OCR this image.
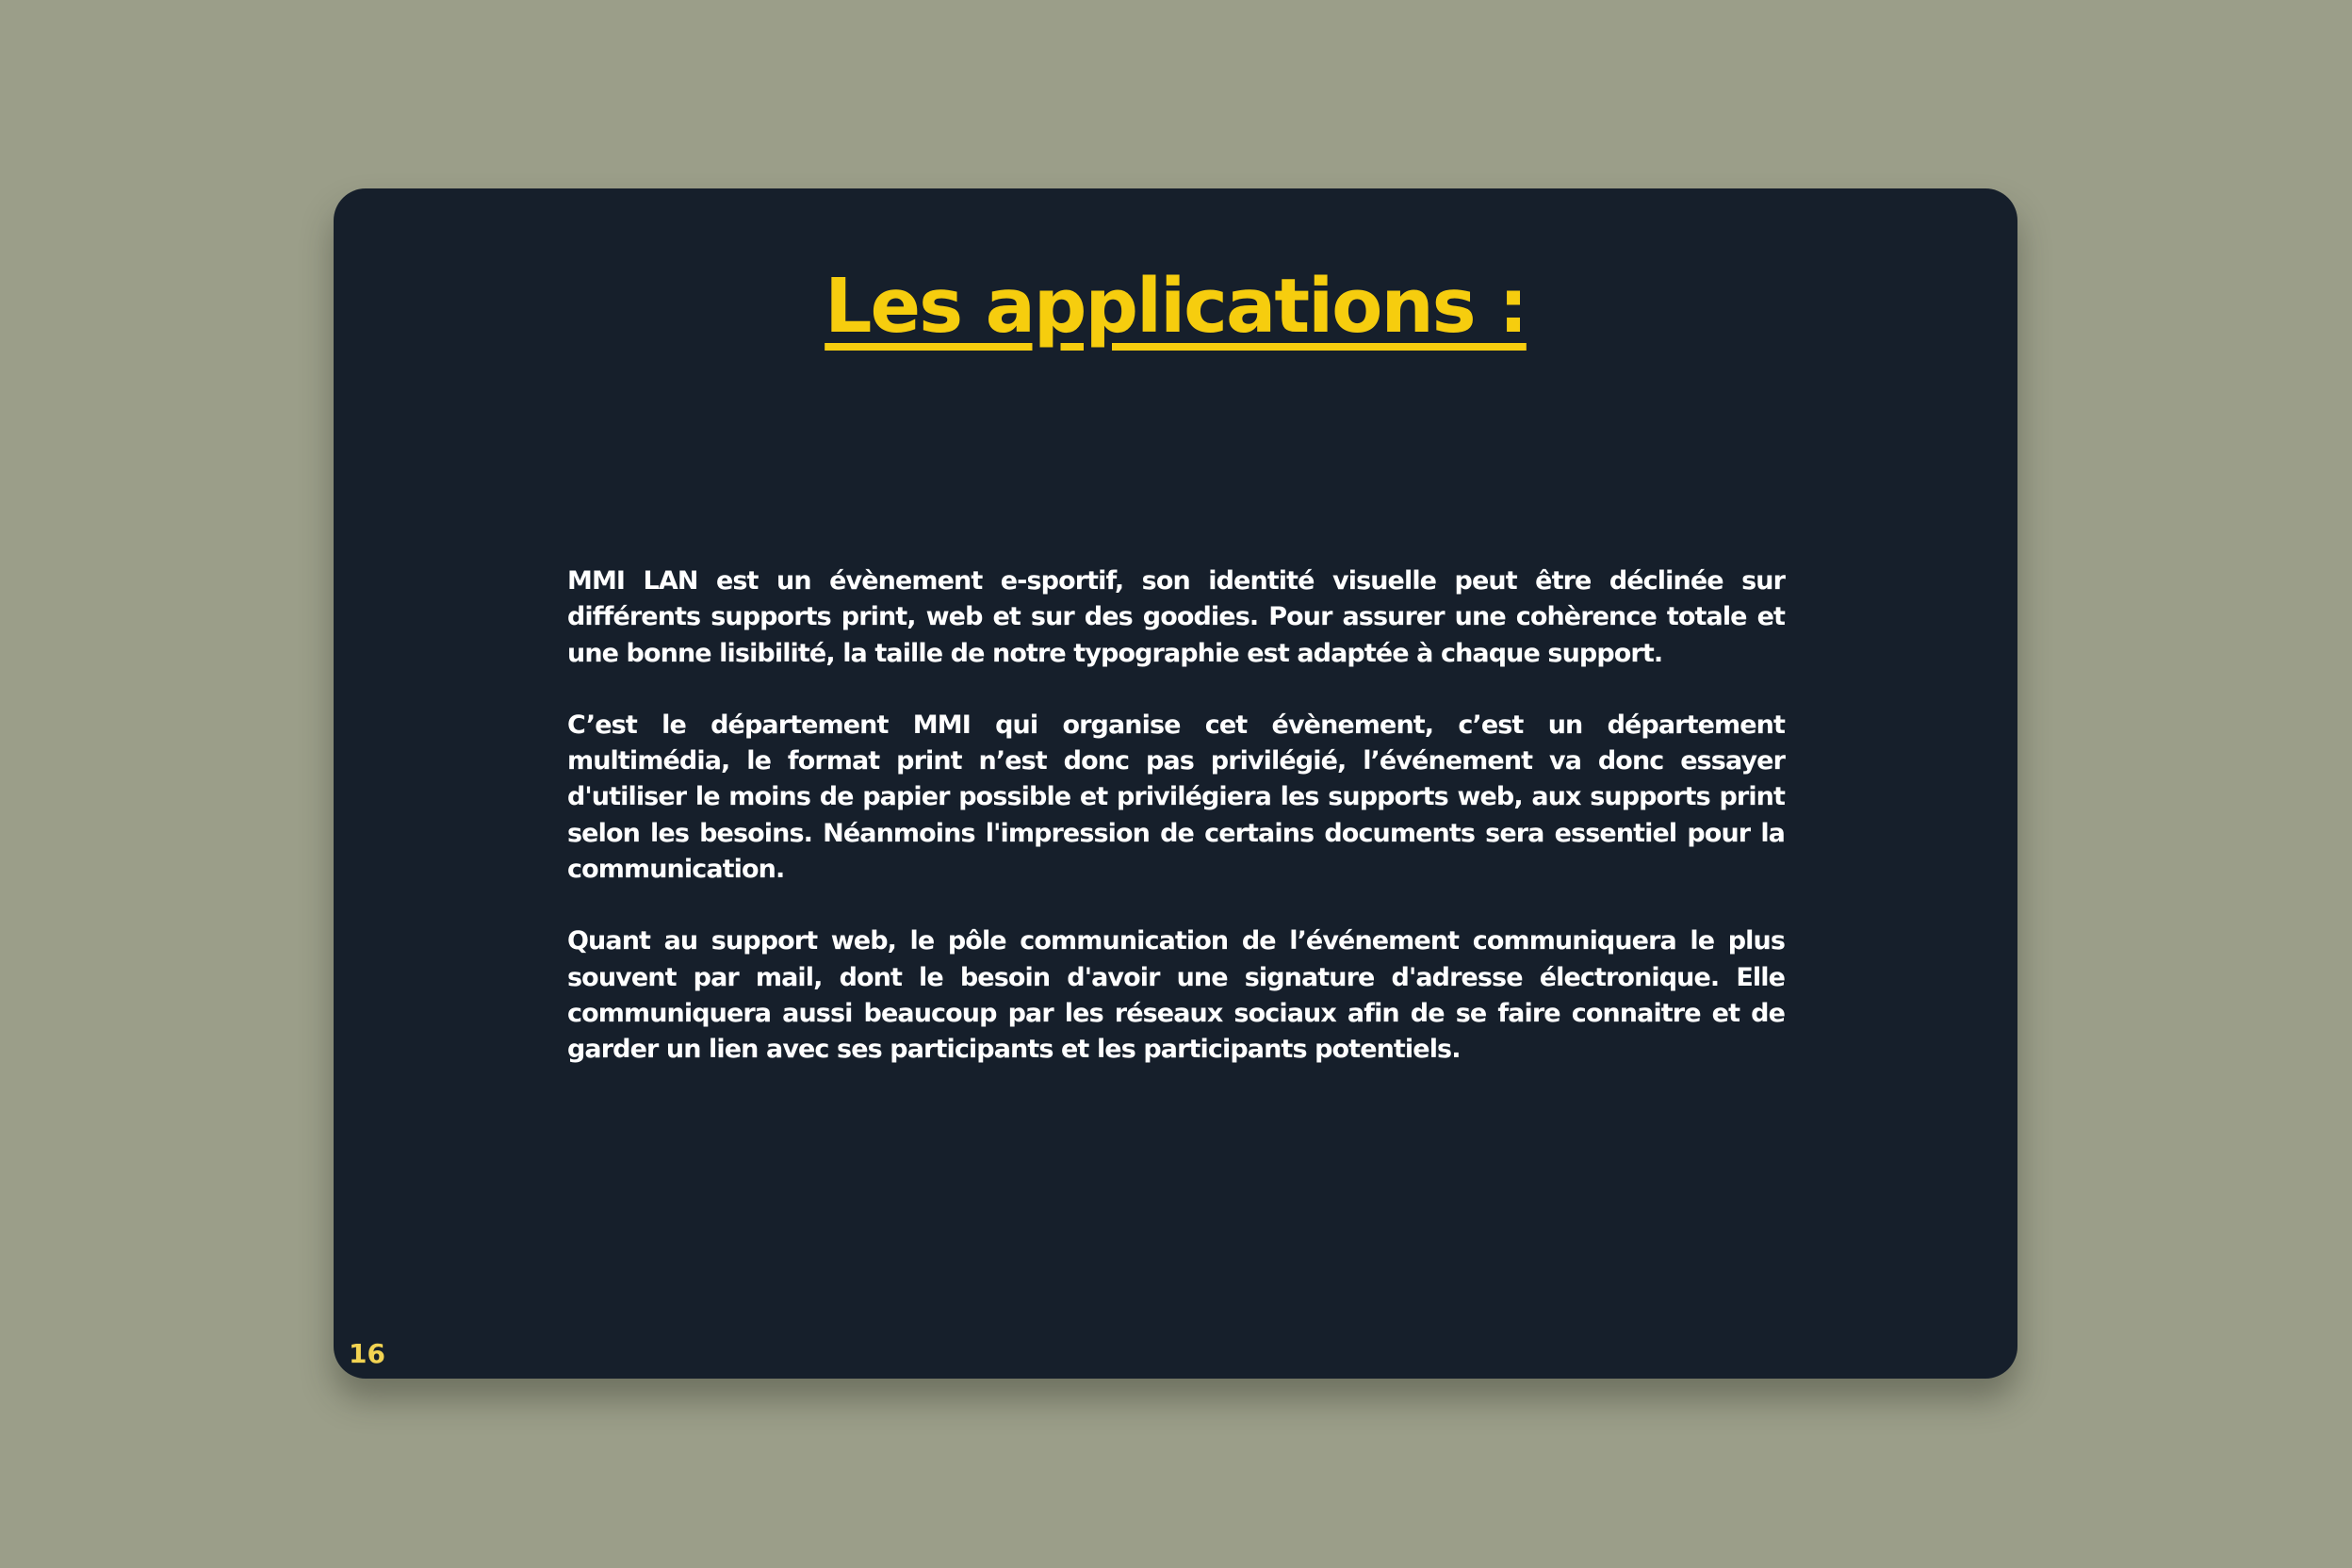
Les applications :

MMI LAN est un évènement e-sportif, son identité visuelle peut être déclinée sur différents supports print, web et sur des goodies. Pour assurer une cohèrence totale et une bonne lisibilité, la taille de notre typographie est adaptée à chaque support.

C’est le département MMI qui organise cet évènement, c’est un département multimédia, le format print n’est donc pas privilégié, l’événement va donc essayer d'utiliser le moins de papier possible et privilégiera les supports web, aux supports print selon les besoins. Néanmoins l'impression de certains documents sera essentiel pour la communication.

Quant au support web, le pôle communication de l’événement communiquera le plus souvent par mail, dont le besoin d'avoir une signature d'adresse électronique. Elle communiquera aussi beaucoup par les réseaux sociaux afin de se faire connaitre et de garder un lien avec ses participants et les participants potentiels.

16
